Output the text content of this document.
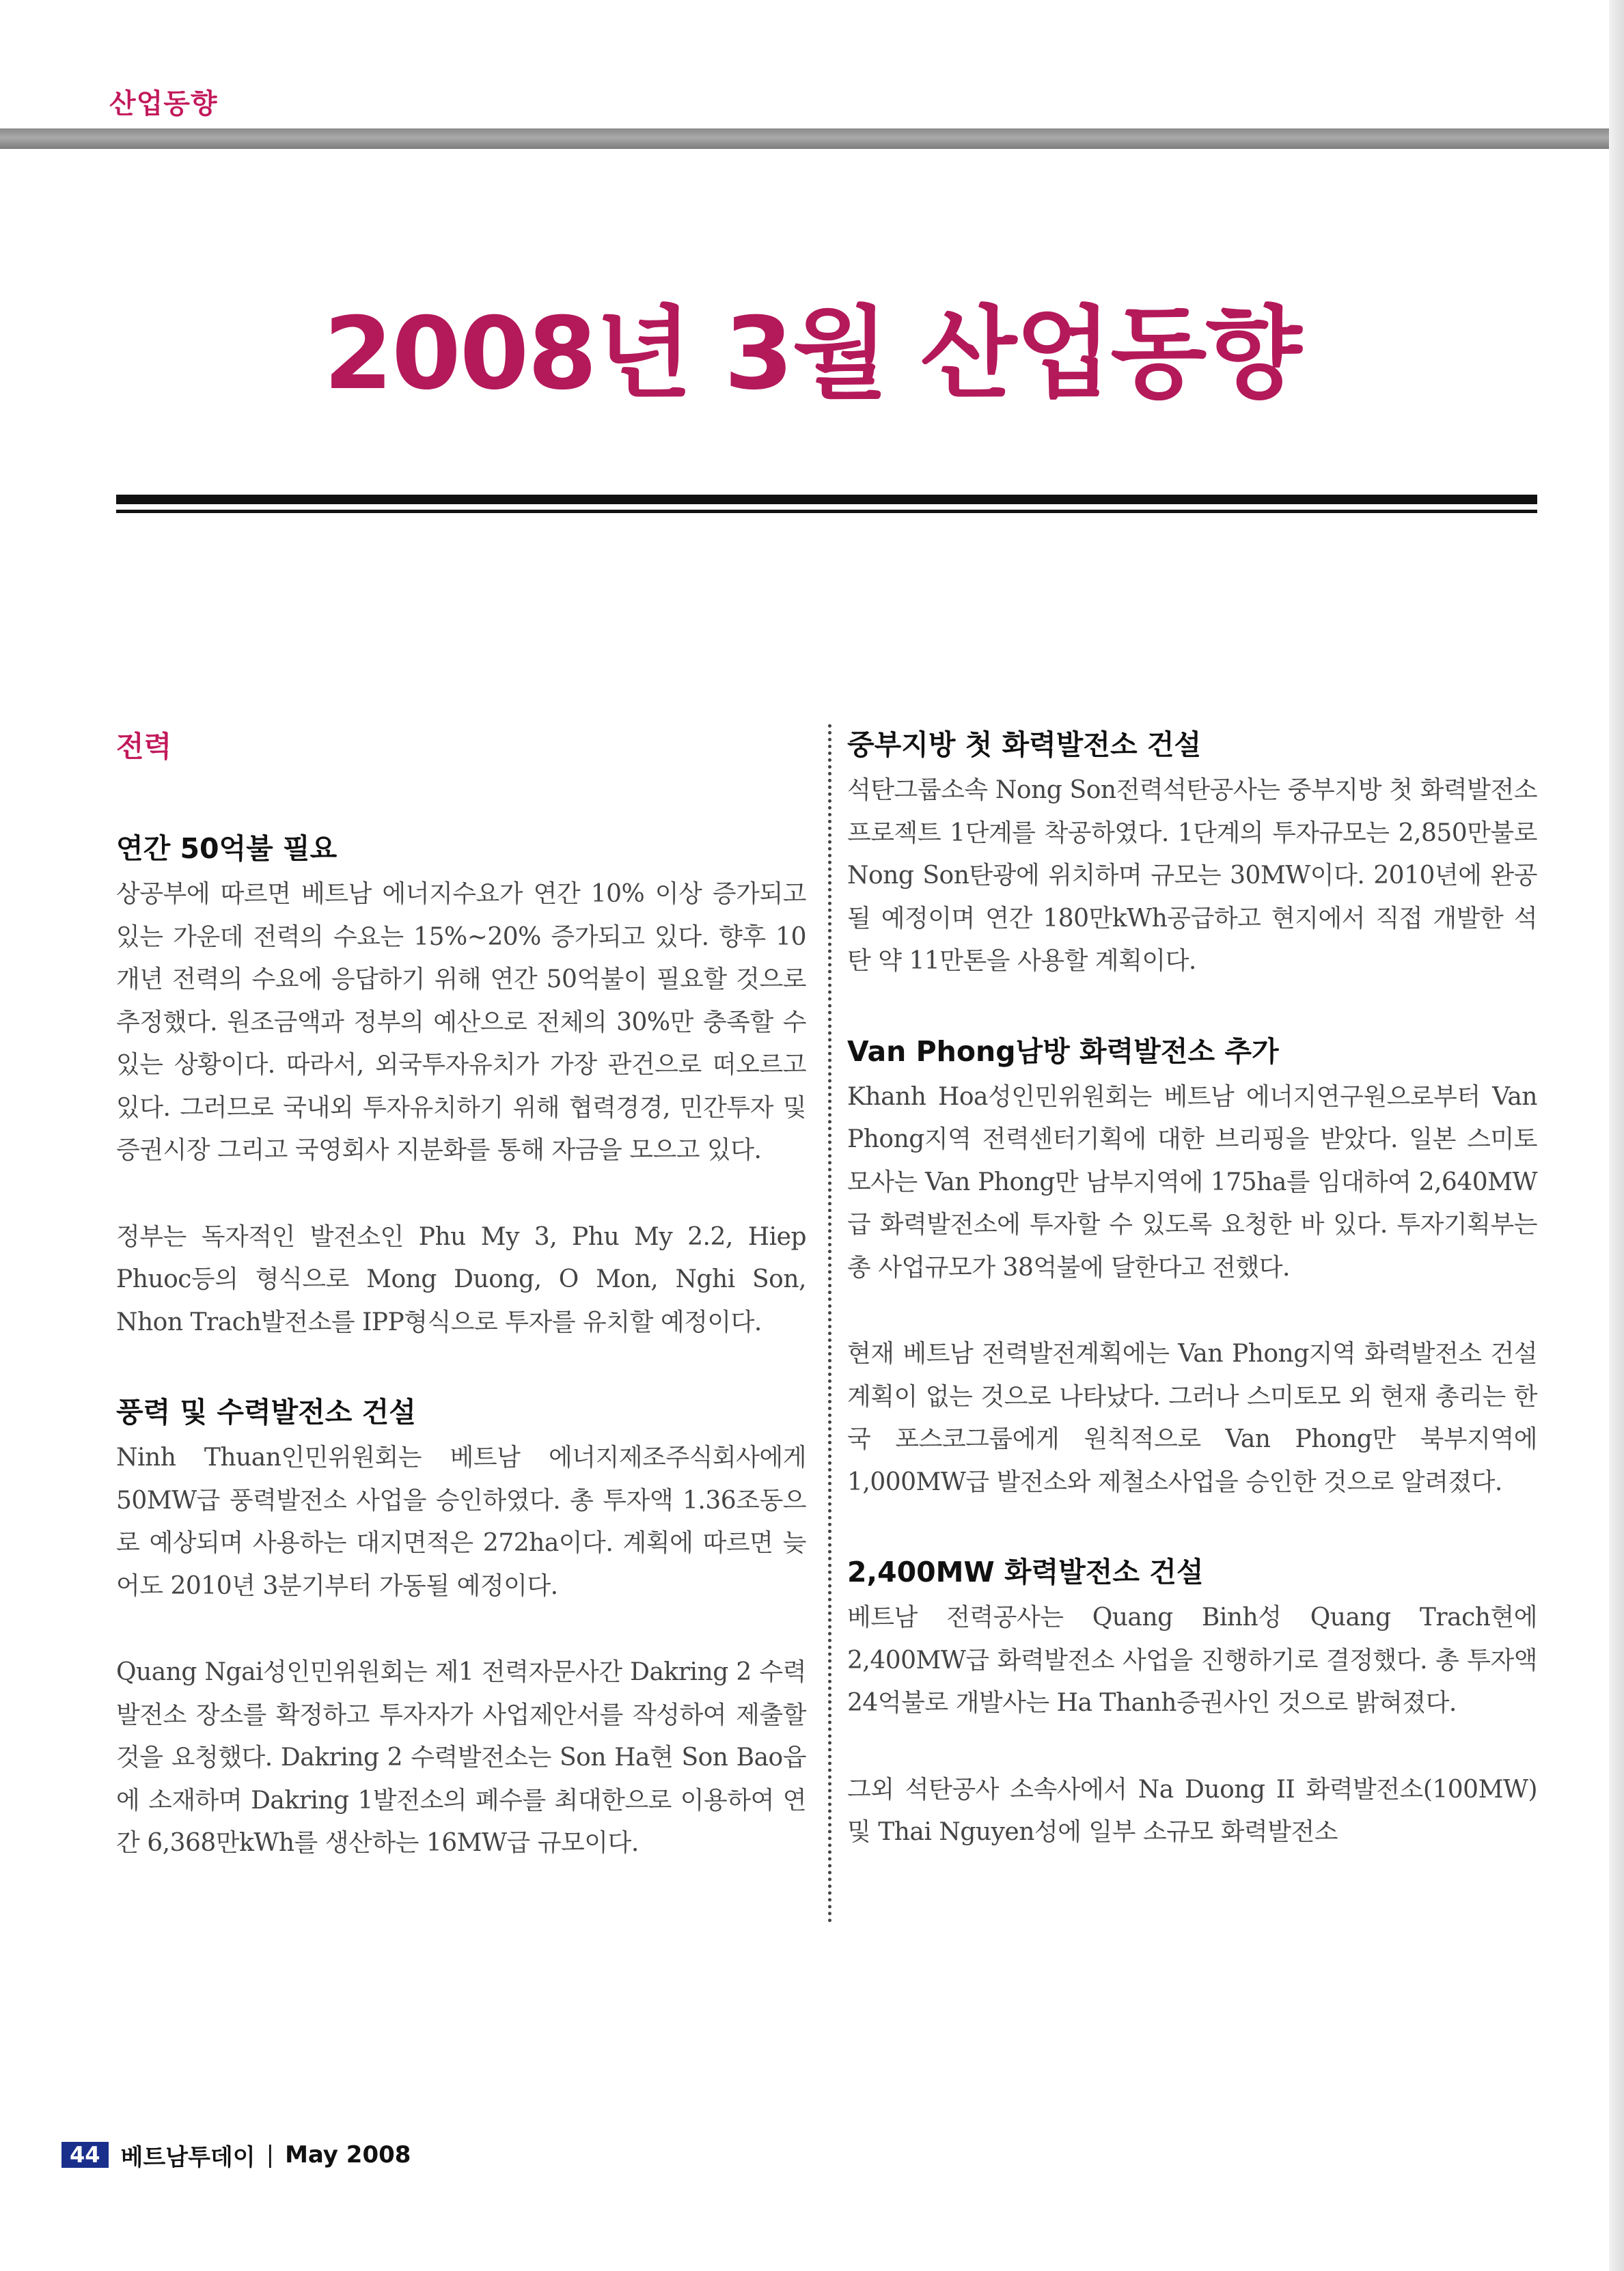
산업동향
2008년 3월 산업동향
전력
연간 50억불 필요

상공부에 따르면 베트남 에너지수요가 연간 10% 이상 증가되고 있는 가운데 전력의 수요는 15%~20% 증가되고 있다. 향후 10개년 전력의 수요에 응답하기 위해 연간 50억불이 필요할 것으로 추정했다. 원조금액과 정부의 예산으로 전체의 30%만 충족할 수 있는 상황이다. 따라서, 외국투자유치가 가장 관건으로 떠오르고 있다. 그러므로 국내외 투자유치하기 위해 협력경경, 민간투자 및 증권시장 그리고 국영회사 지분화를 통해 자금을 모으고 있다.

정부는 독자적인 발전소인 Phu My 3, Phu My 2.2, Hiep Phuoc등의 형식으로 Mong Duong, O Mon, Nghi Son, Nhon Trach발전소를 IPP형식으로 투자를 유치할 예정이다.

풍력 및 수력발전소 건설

Ninh Thuan인민위원회는 베트남 에너지제조주식회사에게 50MW급 풍력발전소 사업을 승인하였다. 총 투자액 1.36조동으로 예상되며 사용하는 대지면적은 272ha이다. 계획에 따르면 늦어도 2010년 3분기부터 가동될 예정이다.

Quang Ngai성인민위원회는 제1 전력자문사간 Dakring 2 수력발전소 장소를 확정하고 투자자가 사업제안서를 작성하여 제출할 것을 요청했다. Dakring 2 수력발전소는 Son Ha현 Son Bao읍에 소재하며 Dakring 1발전소의 폐수를 최대한으로 이용하여 연간 6,368만kWh를 생산하는 16MW급 규모이다.

중부지방 첫 화력발전소 건설

석탄그룹소속 Nong Son전력석탄공사는 중부지방 첫 화력발전소 프로젝트 1단계를 착공하였다. 1단계의 투자규모는 2,850만불로 Nong Son탄광에 위치하며 규모는 30MW이다. 2010년에 완공될 예정이며 연간 180만kWh공급하고 현지에서 직접 개발한 석탄 약 11만톤을 사용할 계획이다.

Van Phong남방 화력발전소 추가

Khanh Hoa성인민위원회는 베트남 에너지연구원으로부터 Van Phong지역 전력센터기획에 대한 브리핑을 받았다. 일본 스미토모사는 Van Phong만 남부지역에 175ha를 임대하여 2,640MW급 화력발전소에 투자할 수 있도록 요청한 바 있다. 투자기획부는 총 사업규모가 38억불에 달한다고 전했다.

현재 베트남 전력발전계획에는 Van Phong지역 화력발전소 건설계획이 없는 것으로 나타났다. 그러나 스미토모 외 현재 총리는 한국 포스코그룹에게 원칙적으로 Van Phong만 북부지역에 1,000MW급 발전소와 제철소사업을 승인한 것으로 알려졌다.

2,400MW 화력발전소 건설

베트남 전력공사는 Quang Binh성 Quang Trach현에 2,400MW급 화력발전소 사업을 진행하기로 결정했다. 총 투자액 24억불로 개발사는 Ha Thanh증권사인 것으로 밝혀졌다.

그외 석탄공사 소속사에서 Na Duong II 화력발전소(100MW) 및 Thai Nguyen성에 일부 소규모 화력발전소

44 베트남투데이 | May 2008
